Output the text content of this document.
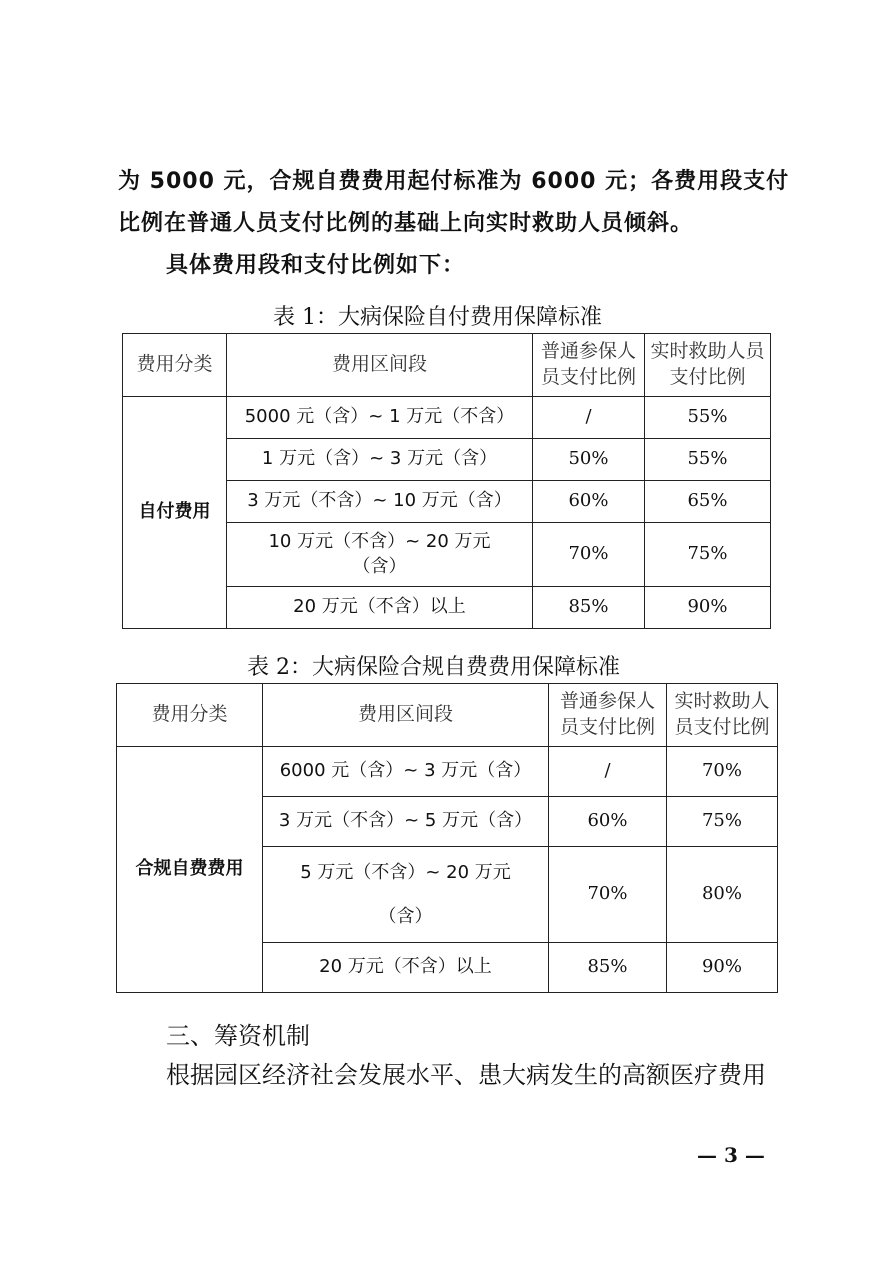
为 5000 元，合规自费费用起付标准为 6000 元；各费用段支付
比例在普通人员支付比例的基础上向实时救助人员倾斜。
具体费用段和支付比例如下：
表 1：大病保险自付费用保障标准
费用分类	费用区间段	普通参保人员支付比例	实时救助人员支付比例
自付费用	5000 元（含）~ 1 万元（不含）	/	55%
	1 万元（含）~ 3 万元（含）	50%	55%
	3 万元（不含）~ 10 万元（含）	60%	65%
	10 万元（不含）~ 20 万元（含）	70%	75%
	20 万元（不含）以上	85%	90%
表 2：大病保险合规自费费用保障标准
费用分类	费用区间段	普通参保人员支付比例	实时救助人员支付比例
合规自费费用	6000 元（含）~ 3 万元（含）	/	70%
	3 万元（不含）~ 5 万元（含）	60%	75%
	5 万元（不含）~ 20 万元（含）	70%	80%
	20 万元（不含）以上	85%	90%
三、筹资机制
根据园区经济社会发展水平、患大病发生的高额医疗费用
— 3 —
